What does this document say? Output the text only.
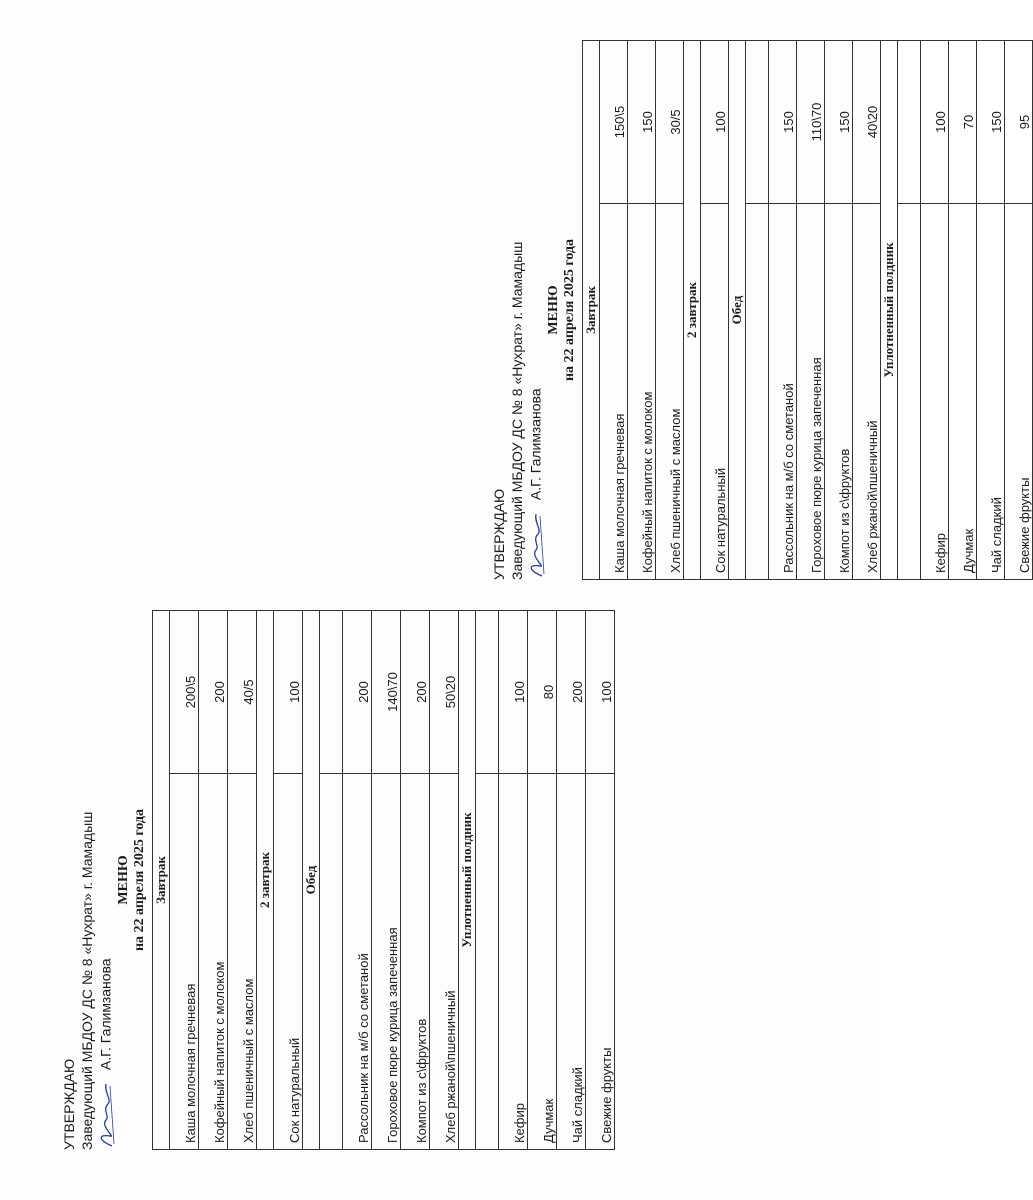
УТВЕРЖДАЮ Заведующий МБДОУ ДС № 8 «Нухрат» г. Мамадыш А.Г. Галимзанова
МЕНЮ на 22 апреля 2025 года Завтрак	
Каша молочная гречневая	200\5
Кофейный напиток с молоком	200
Хлеб пшеничный с маслом	40/5
2 завтрак	
Сок натуральный	100
Обед	

Рассольник на м/б со сметаной	200
Гороховое пюре курица запеченная	140\70
Компот из с\фруктов	200
Хлеб ржаной\пшеничный	50\20
Уплотненный полдник	

Кефир	100
Дучмак	80
Чай сладкий	200
Свежие фрукты	100
УТВЕРЖДАЮ Заведующий МБДОУ ДС № 8 «Нухрат» г. Мамадыш А.Г. Галимзанова
МЕНЮ на 22 апреля 2025 года Завтрак	
Каша молочная гречневая	150\5
Кофейный напиток с молоком	150
Хлеб пшеничный с маслом	30/5
2 завтрак	
Сок натуральный	100
Обед	

Рассольник на м/б со сметаной	150
Гороховое пюре курица запеченная	110\70
Компот из с\фруктов	150
Хлеб ржаной\пшеничный	40\20
Уплотненный полдник	

Кефир	100
Дучмак	70
Чай сладкий	150
Свежие фрукты	95
